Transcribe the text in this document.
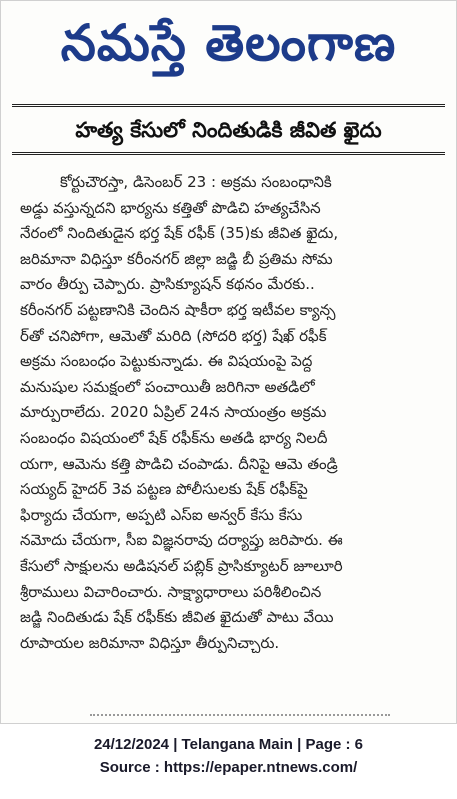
నమస్తే తెలంగాణ
హత్య కేసులో నిందితుడికి జీవిత ఖైదు
కోర్టుచౌరస్తా, డిసెంబర్ 23 : అక్రమ సంబంధానికి
అడ్డు వస్తున్నదని భార్యను కత్తితో పొడిచి హత్యచేసిన
నేరంలో నిందితుడైన భర్త షేక్ రఫీక్ (35)కు జీవిత ఖైదు,
జరిమానా విధిస్తూ కరీంనగర్ జిల్లా జడ్జి బీ ప్రతిమ సోమ
వారం తీర్పు చెప్పారు. ప్రాసిక్యూషన్ కథనం మేరకు..
కరీంనగర్ పట్టణానికి చెందిన షాకీరా భర్త ఇటీవల క్యాన్స
ర్‌తో చనిపోగా, ఆమెతో మరిది (సోదరి భర్త) షేఖ్ రఫీక్
అక్రమ సంబంధం పెట్టుకున్నాడు. ఈ విషయంపై పెద్ద
మనుషుల సమక్షంలో పంచాయితీ జరిగినా అతడిలో
మార్పురాలేదు. 2020 ఏప్రిల్ 24న సాయంత్రం అక్రమ
సంబంధం విషయంలో షేక్ రఫీక్‌ను అతడి భార్య నిలదీ
యగా, ఆమెను కత్తి పొడిచి చంపాడు. దీనిపై ఆమె తండ్రి
సయ్యద్ హైదర్ 3వ పట్టణ పోలీసులకు షేక్ రఫీక్‌పై
ఫిర్యాదు చేయగా, అప్పటి ఎస్ఐ అన్వర్ కేసు కేసు
నమోదు చేయగా, సీఐ విజ్ఞనరావు దర్యాప్తు జరిపారు. ఈ
కేసులో సాక్షులను అడిషనల్ పబ్లిక్ ప్రాసిక్యూటర్ జూలూరి
శ్రీరాములు విచారించారు. సాక్ష్యాధారాలు పరిశీలించిన
జడ్జి నిందితుడు షేక్ రఫీక్‌కు జీవిత ఖైదుతో పాటు వేయి
రూపాయల జరిమానా విధిస్తూ తీర్పునిచ్చారు.
24/12/2024 | Telangana Main | Page : 6
Source : https://epaper.ntnews.com/
